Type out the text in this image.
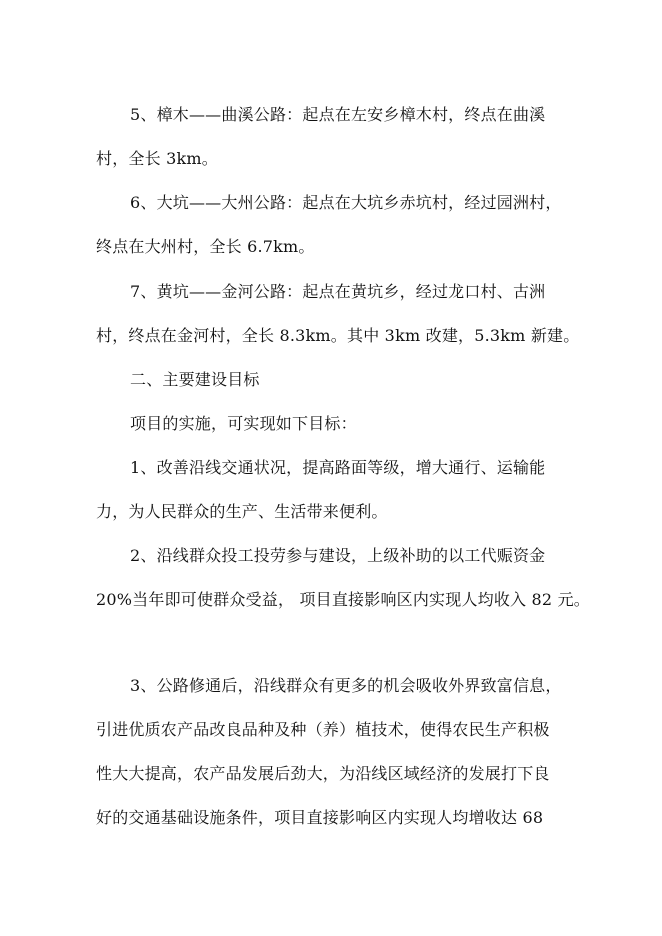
5、樟木——曲溪公路：起点在左安乡樟木村，终点在曲溪
村，全长 3km。
6、大坑——大州公路：起点在大坑乡赤坑村，经过园洲村，
终点在大州村，全长 6.7km。
7、黄坑——金河公路：起点在黄坑乡，经过龙口村、古洲
村，终点在金河村，全长 8.3km。其中 3km 改建，5.3km 新建。
二、主要建设目标
项目的实施，可实现如下目标：
1、改善沿线交通状况，提高路面等级，增大通行、运输能
力，为人民群众的生产、生活带来便利。
2、沿线群众投工投劳参与建设，上级补助的以工代赈资金
20%当年即可使群众受益， 项目直接影响区内实现人均收入 82 元。
3、公路修通后，沿线群众有更多的机会吸收外界致富信息，
引进优质农产品改良品种及种（养）植技术，使得农民生产积极
性大大提高，农产品发展后劲大，为沿线区域经济的发展打下良
好的交通基础设施条件，项目直接影响区内实现人均增收达 68
